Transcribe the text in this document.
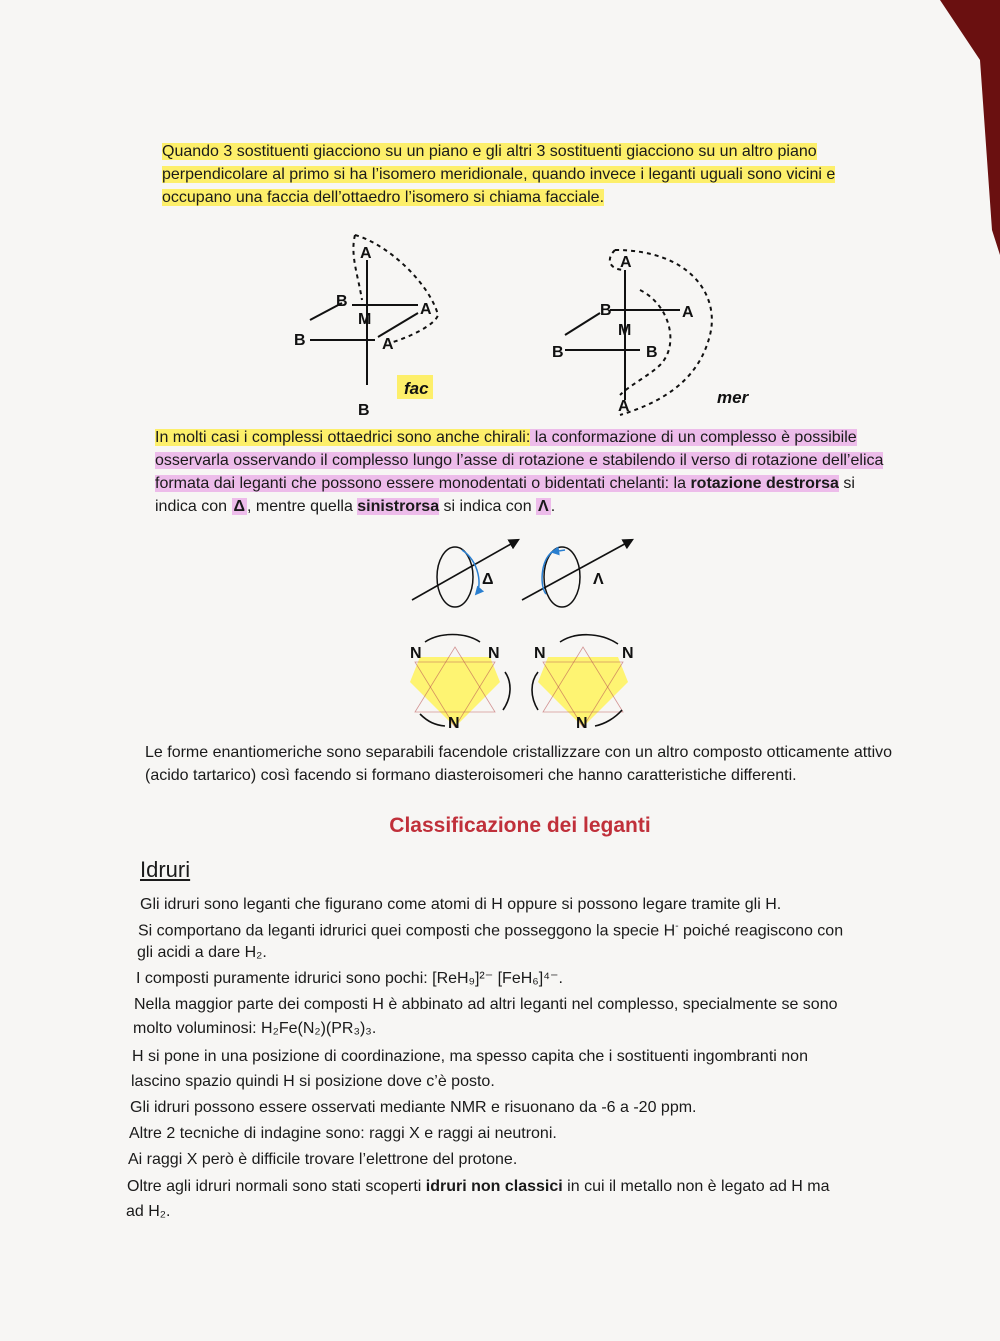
Quando 3 sostituenti giacciono su un piano e gli altri 3 sostituenti giacciono su un altro piano perpendicolare al primo si ha l’isomero meridionale, quando invece i leganti uguali sono vicini e occupano una faccia dell’ottaedro l’isomero si chiama facciale.

A
B
M
A
B	A
B
fac
A
B	A
M
B	B
A	mer

In molti casi i complessi ottaedrici sono anche chirali: la conformazione di un complesso è possibile osservarla osservando il complesso lungo l’asse di rotazione e stabilendo il verso di rotazione dell’elica formata dai leganti che possono essere monodentati o bidentati chelanti: la rotazione destrorsa si indica con Δ , mentre quella sinistrorsa si indica con Λ .

Δ	Λ
N	N
N
N	N
N

Le forme enantiomeriche sono separabili facendole cristallizzare con un altro composto otticamente attivo (acido tartarico) così facendo si formano diasteroisomeri che hanno caratteristiche differenti.

Classificazione dei leganti
Idruri
Gli idruri sono leganti che figurano come atomi di H oppure si possono legare tramite gli H.
Si comportano da leganti idrurici quei composti che posseggono la specie H- poiché reagiscono con
gli acidi a dare H₂.
I composti puramente idrurici sono pochi: [ReH₉]²⁻ [FeH₆]⁴⁻.
Nella maggior parte dei composti H è abbinato ad altri leganti nel complesso, specialmente se sono
molto voluminosi: H₂Fe(N₂)(PR₃)₃.
H si pone in una posizione di coordinazione, ma spesso capita che i sostituenti ingombranti non
lascino spazio quindi H si posizione dove c’è posto.
Gli idruri possono essere osservati mediante NMR e risuonano da -6 a -20 ppm.
Altre 2 tecniche di indagine sono: raggi X e raggi ai neutroni.
Ai raggi X però è difficile trovare l’elettrone del protone.
Oltre agli idruri normali sono stati scoperti idruri non classici in cui il metallo non è legato ad H ma
ad H₂.
